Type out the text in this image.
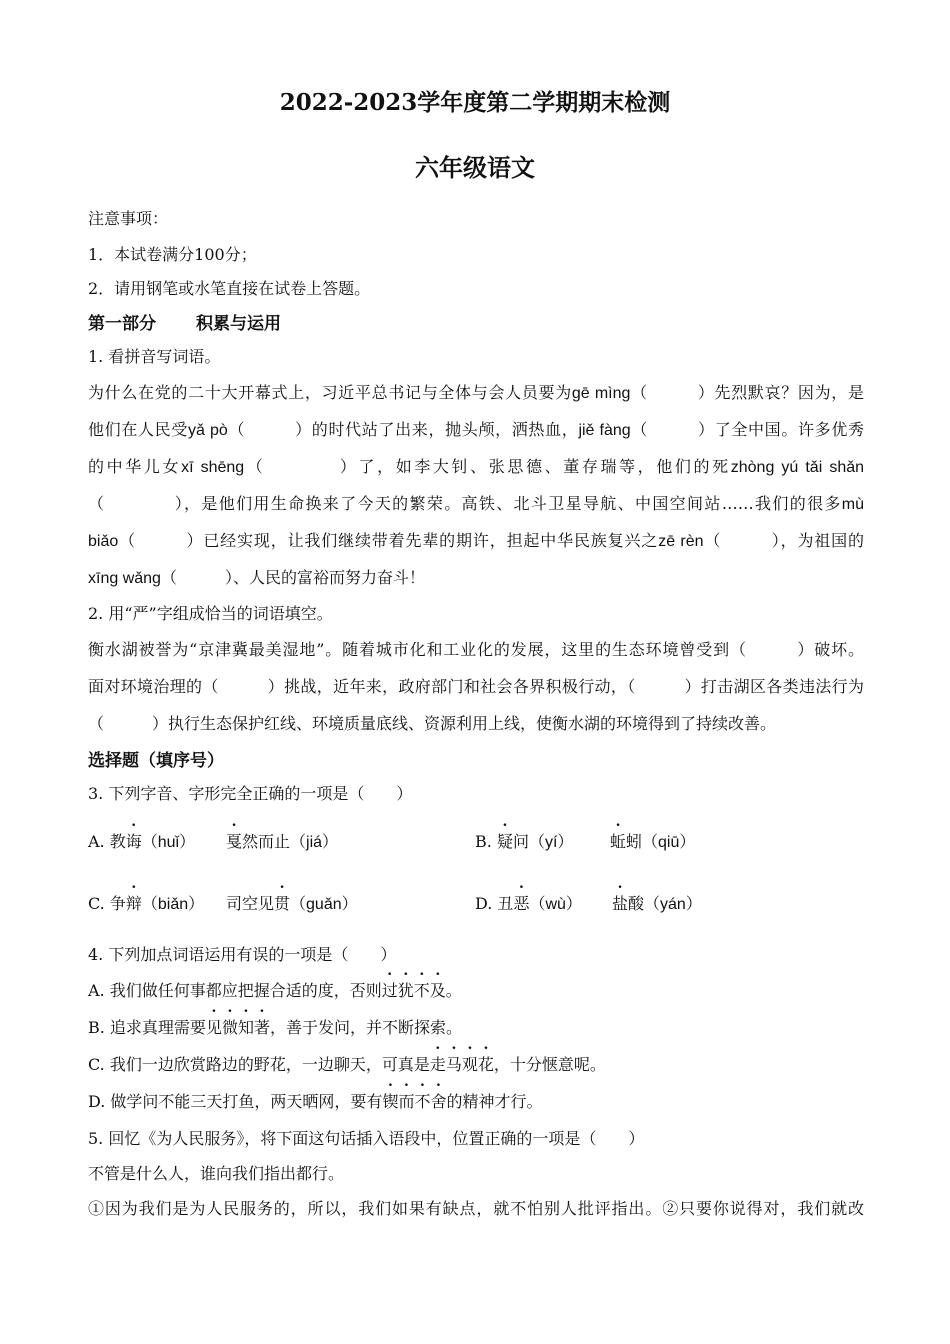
2022-2023学年度第二学期期末检测
六年级语文
注意事项：
1．本试卷满分100分；
2．请用钢笔或水笔直接在试卷上答题。
第一部分 积累与运用
1. 看拼音写词语。
为什么在党的二十大开幕式上，习近平总书记与全体与会人员要为gē mìng（　　　）先烈默哀？因为，是
他们在人民受yǎ pò（　　　）的时代站了出来，抛头颅，洒热血，jiě fàng（　　　）了全中国。许多优秀
的中华儿女xī shēng（　　　　）了，如李大钊、张思德、董存瑞等，他们的死zhòng yú tǎi shǎn
（　　　　），是他们用生命换来了今天的繁荣。高铁、北斗卫星导航、中国空间站……我们的很多mù
biǎo（　　　）已经实现，让我们继续带着先辈的期许，担起中华民族复兴之zē rèn（　　　），为祖国的
xīng wǎng（　　　）、人民的富裕而努力奋斗！
2. 用“严”字组成恰当的词语填空。
衡水湖被誉为“京津冀最美湿地”。随着城市化和工业化的发展，这里的生态环境曾受到（　　　）破坏。
面对环境治理的（　　　）挑战，近年来，政府部门和社会各界积极行动，（　　　）打击湖区各类违法行为
（　　　）执行生态保护红线、环境质量底线、资源利用上线，使衡水湖的环境得到了持续改善。
选择题（填序号）
3. 下列字音、字形完全正确的一项是（　　）
A. 教诲（huǐ） 戛然而止（jiá）	B. 疑问（yí） 蚯蚓（qiū）
C. 争辩（biǎn） 司空见贯（guǎn）	D. 丑恶（wù） 盐酸（yán）
4. 下列加点词语运用有误的一项是（　　）
A. 我们做任何事都应把握合适的度，否则过犹不及。
B. 追求真理需要见微知著，善于发问，并不断探索。
C. 我们一边欣赏路边的野花，一边聊天，可真是走马观花，十分惬意呢。
D. 做学问不能三天打鱼，两天晒网，要有锲而不舍的精神才行。
5. 回忆《为人民服务》，将下面这句话插入语段中，位置正确的一项是（　　）
不管是什么人，谁向我们指出都行。
①因为我们是为人民服务的，所以，我们如果有缺点，就不怕别人批评指出。②只要你说得对，我们就改
